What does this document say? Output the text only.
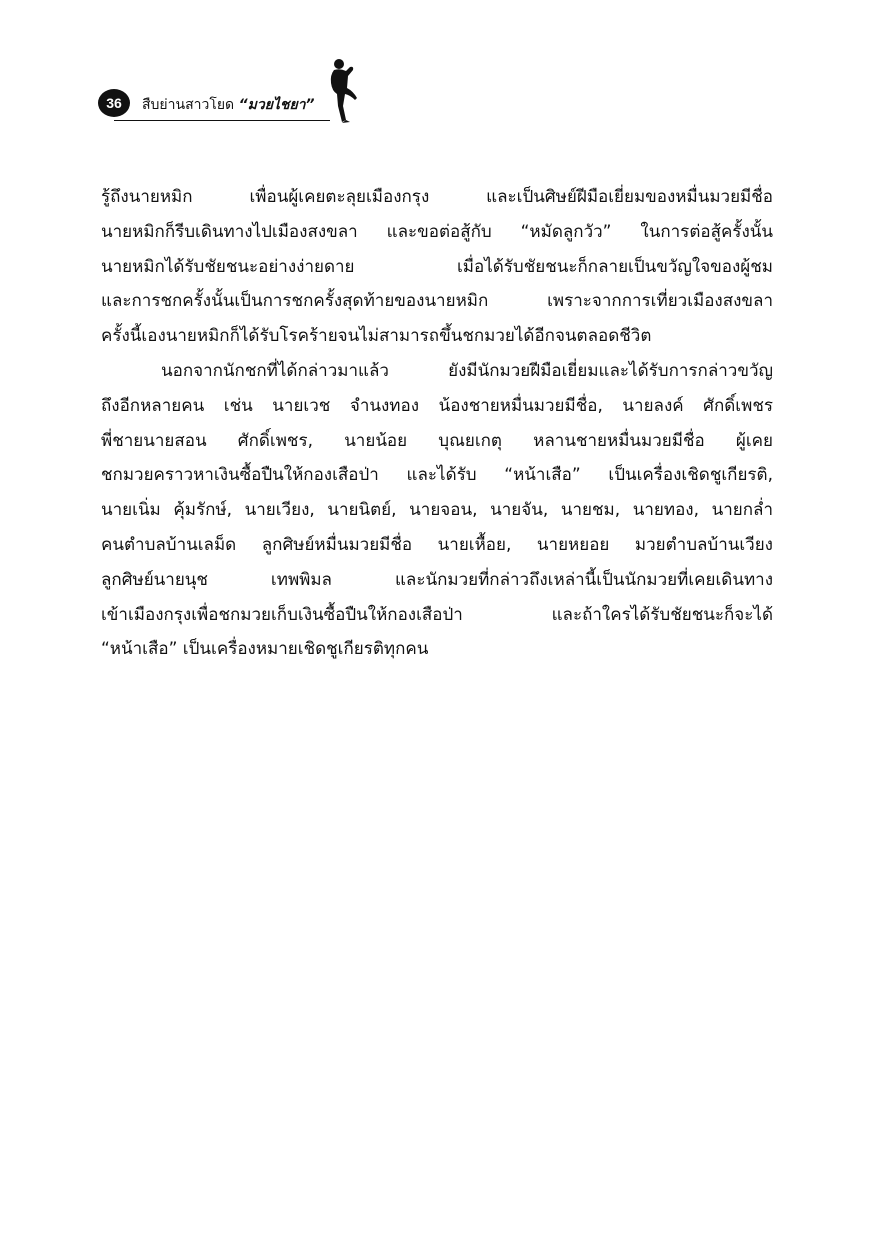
36	สืบย่านสาวโยด “มวยไชยา”
รู้ถึงนายหมิก เพื่อนผู้เคยตะลุยเมืองกรุง และเป็นศิษย์ฝีมือเยี่ยมของหมื่นมวยมีชื่อ
นายหมิกก็รีบเดินทางไปเมืองสงขลา และขอต่อสู้กับ “หมัดลูกวัว” ในการต่อสู้ครั้งนั้น
นายหมิกได้รับชัยชนะอย่างง่ายดาย เมื่อได้รับชัยชนะก็กลายเป็นขวัญใจของผู้ชม
และการชกครั้งนั้นเป็นการชกครั้งสุดท้ายของนายหมิก เพราะจากการเที่ยวเมืองสงขลา
ครั้งนี้เองนายหมิกก็ได้รับโรคร้ายจนไม่สามารถขึ้นชกมวยได้อีกจนตลอดชีวิต
นอกจากนักชกที่ได้กล่าวมาแล้ว ยังมีนักมวยฝีมือเยี่ยมและได้รับการกล่าวขวัญ
ถึงอีกหลายคน เช่น นายเวช จำนงทอง น้องชายหมื่นมวยมีชื่อ, นายลงค์ ศักดิ์เพชร
พี่ชายนายสอน ศักดิ์เพชร, นายน้อย บุณยเกตุ หลานชายหมื่นมวยมีชื่อ ผู้เคย
ชกมวยคราวหาเงินซื้อปืนให้กองเสือป่า และได้รับ “หน้าเสือ” เป็นเครื่องเชิดชูเกียรติ,
นายเนิ่ม คุ้มรักษ์, นายเวียง, นายนิตย์, นายจอน, นายจัน, นายชม, นายทอง, นายกล่ำ
คนตำบลบ้านเลม็ด ลูกศิษย์หมื่นมวยมีชื่อ นายเหื้อย, นายหยอย มวยตำบลบ้านเวียง
ลูกศิษย์นายนุช เทพพิมล และนักมวยที่กล่าวถึงเหล่านี้เป็นนักมวยที่เคยเดินทาง
เข้าเมืองกรุงเพื่อชกมวยเก็บเงินซื้อปืนให้กองเสือป่า และถ้าใครได้รับชัยชนะก็จะได้
“หน้าเสือ” เป็นเครื่องหมายเชิดชูเกียรติทุกคน
